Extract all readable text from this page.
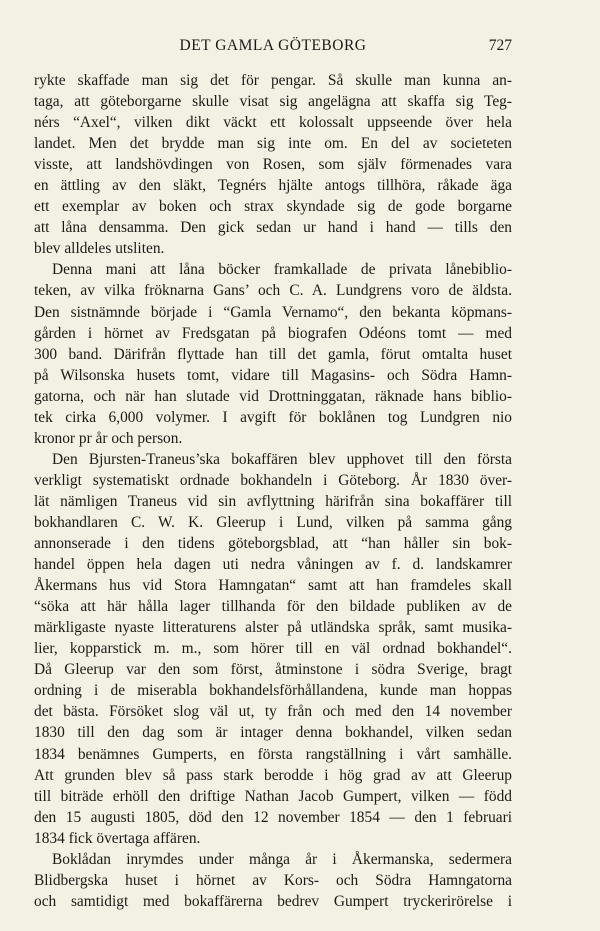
DET GAMLA GÖTEBORG	727
rykte skaffade man sig det för pengar. Så skulle man kunna an-
taga, att göteborgarne skulle visat sig angelägna att skaffa sig Teg-
nérs “Axel“, vilken dikt väckt ett kolossalt uppseende över hela
landet. Men det brydde man sig inte om. En del av societeten
visste, att landshövdingen von Rosen, som själv förmenades vara
en ättling av den släkt, Tegnérs hjälte antogs tillhöra, råkade äga
ett exemplar av boken och strax skyndade sig de gode borgarne
att låna densamma. Den gick sedan ur hand i hand — tills den
blev alldeles utsliten.
Denna mani att låna böcker framkallade de privata lånebiblio-
teken, av vilka fröknarna Gans’ och C. A. Lundgrens voro de äldsta.
Den sistnämnde började i “Gamla Vernamo“, den bekanta köpmans-
gården i hörnet av Fredsgatan på biografen Odéons tomt — med
300 band. Därifrån flyttade han till det gamla, förut omtalta huset
på Wilsonska husets tomt, vidare till Magasins- och Södra Hamn-
gatorna, och när han slutade vid Drottninggatan, räknade hans biblio-
tek cirka 6,000 volymer. I avgift för boklånen tog Lundgren nio
kronor pr år och person.
Den Bjursten-Traneus’ska bokaffären blev upphovet till den första
verkligt systematiskt ordnade bokhandeln i Göteborg. År 1830 över-
lät nämligen Traneus vid sin avflyttning härifrån sina bokaffärer till
bokhandlaren C. W. K. Gleerup i Lund, vilken på samma gång
annonserade i den tidens göteborgsblad, att “han håller sin bok-
handel öppen hela dagen uti nedra våningen av f. d. landskamrer
Åkermans hus vid Stora Hamngatan“ samt att han framdeles skall
“söka att här hålla lager tillhanda för den bildade publiken av de
märkligaste nyaste litteraturens alster på utländska språk, samt musika-
lier, kopparstick m. m., som hörer till en väl ordnad bokhandel“.
Då Gleerup var den som först, åtminstone i södra Sverige, bragt
ordning i de miserabla bokhandelsförhållandena, kunde man hoppas
det bästa. Försöket slog väl ut, ty från och med den 14 november
1830 till den dag som är intager denna bokhandel, vilken sedan
1834 benämnes Gumperts, en första rangställning i vårt samhälle.
Att grunden blev så pass stark berodde i hög grad av att Gleerup
till biträde erhöll den driftige Nathan Jacob Gumpert, vilken — född
den 15 augusti 1805, död den 12 november 1854 — den 1 februari
1834 fick övertaga affären.
Boklådan inrymdes under många år i Åkermanska, sedermera
Blidbergska huset i hörnet av Kors- och Södra Hamngatorna
och samtidigt med bokaffärerna bedrev Gumpert tryckerirörelse i
